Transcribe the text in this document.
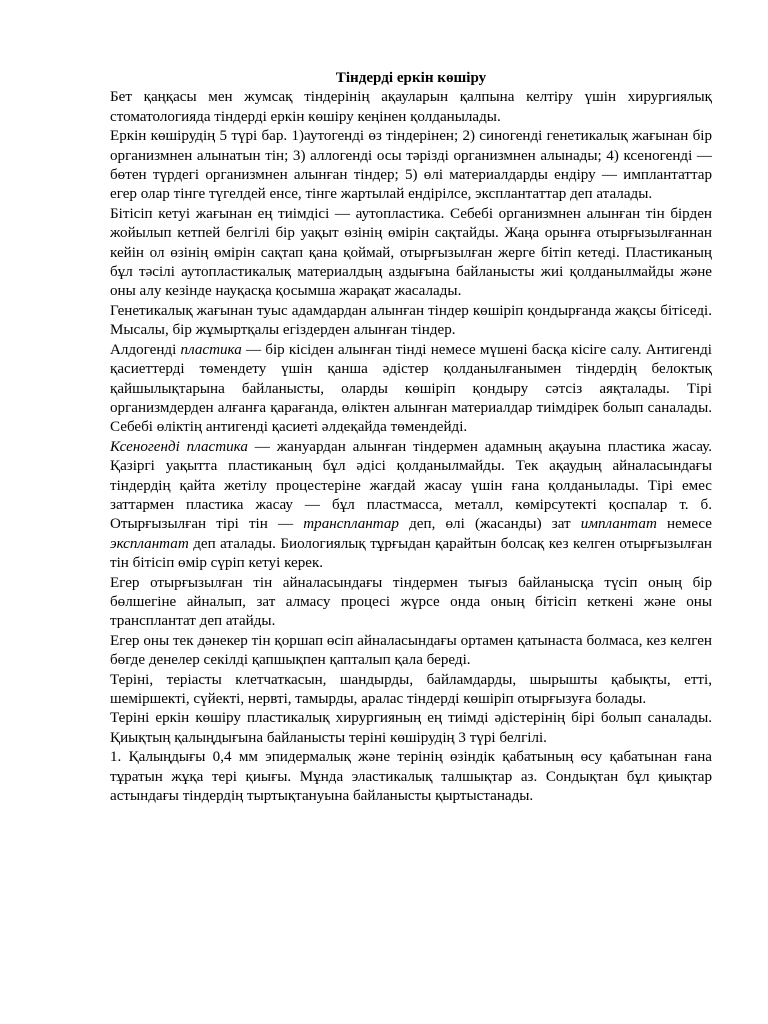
Тіндерді еркін көшіру

Бет қаңқасы мен жумсақ тіндерінің ақауларын қалпына келтіру үшін хирургиялық стоматологияда тіндерді еркін көшіру кеңінен қолданылады.

Еркін көшірудің 5 түрі бар. 1)аутогенді өз тіндерінен; 2) синогенді генетикалық жағынан бір организмнен алынатын тін; 3) аллогенді осы тәрізді организмнен алынады; 4) ксеногенді — бөтен түрдегі организмнен алынған тіндер; 5) өлі материалдарды ендіру — имплантаттар егер олар тінге түгелдей енсе, тінге жартылай ендірілсе, эксплантаттар деп аталады.

Бітісіп кетуі жағынан ең тиімдісі — аутопластика. Себебі организмнен алынған тін бірден жойылып кетпей белгілі бір уақыт өзінің өмірін сақтайды. Жаңа орынға отырғызылғаннан кейін ол өзінің өмірін сақтап қана қоймай, отырғызылған жерге бітіп кетеді. Пластиканың бұл тәсілі аутопластикалық материалдың аздығына байланысты жиі қолданылмайды және оны алу кезінде науқасқа қосымша жарақат жасалады.

Генетикалық жағынан туыс адамдардан алынған тіндер көшіріп қондырғанда жақсы бітіседі. Мысалы, бір жұмыртқалы егіздерден алынған тіндер.

Алдогенді пластика — бір кісіден алынған тінді немесе мүшені басқа кісіге салу. Антигенді қасиеттерді төмендету үшін қанша әдістер қолданылғанымен тіндердің белоктық қайшылықтарына байланысты, оларды көшіріп қондыру сәтсіз аяқталады. Тірі организмдерден алғанға қарағанда, өліктен алынған материалдар тиімдірек болып саналады. Себебі өліктің антигенді қасиеті әлдеқайда төмендейді.

Ксеногенді пластика — жануардан алынған тіндермен адамның ақауына пластика жасау. Қазіргі уақытта пластиканың бұл әдісі қолданылмайды. Тек ақаудың айналасындағы тіндердің қайта жетілу процестеріне жағдай жасау үшін ғана қолданылады. Тірі емес заттармен пластика жасау — бұл пластмасса, металл, көмірсутекті қоспалар т. б. Отырғызылған тірі тін — трансплантар деп, өлі (жасанды) зат имплантат немесе эксплантат деп аталады. Биологиялық тұрғыдан қарайтын болсақ кез келген отырғызылған тін бітісіп өмір сүріп кетуі керек.

Егер отырғызылған тін айналасындағы тіндермен тығыз байланысқа түсіп оның бір бөлшегіне айналып, зат алмасу процесі жүрсе онда оның бітісіп кеткені және оны трансплантат деп атайды.

Егер оны тек дәнекер тін қоршап өсіп айналасындағы ортамен қатынаста болмаса, кез келген бөгде денелер секілді қапшықпен қапталып қала береді.

Теріні, теріасты клетчаткасын, шандырды, байламдарды, шырышты қабықты, етті, шеміршекті, сүйекті, нервті, тамырды, аралас тіндерді көшіріп отырғызуға болады.

Теріні еркін көшіру пластикалық хирургияның ең тиімді әдістерінің бірі болып саналады. Қиықтың қалыңдығына байланысты теріні көшірудің 3 түрі белгілі.

1. Қалыңдығы 0,4 мм эпидермалық және терінің өзіндік қабатының өсу қабатынан ғана тұратын жұқа тері қиығы. Мұнда эластикалық талшықтар аз. Сондықтан бұл қиықтар астындағы тіндердің тыртықтануына байланысты қыртыстанады.
